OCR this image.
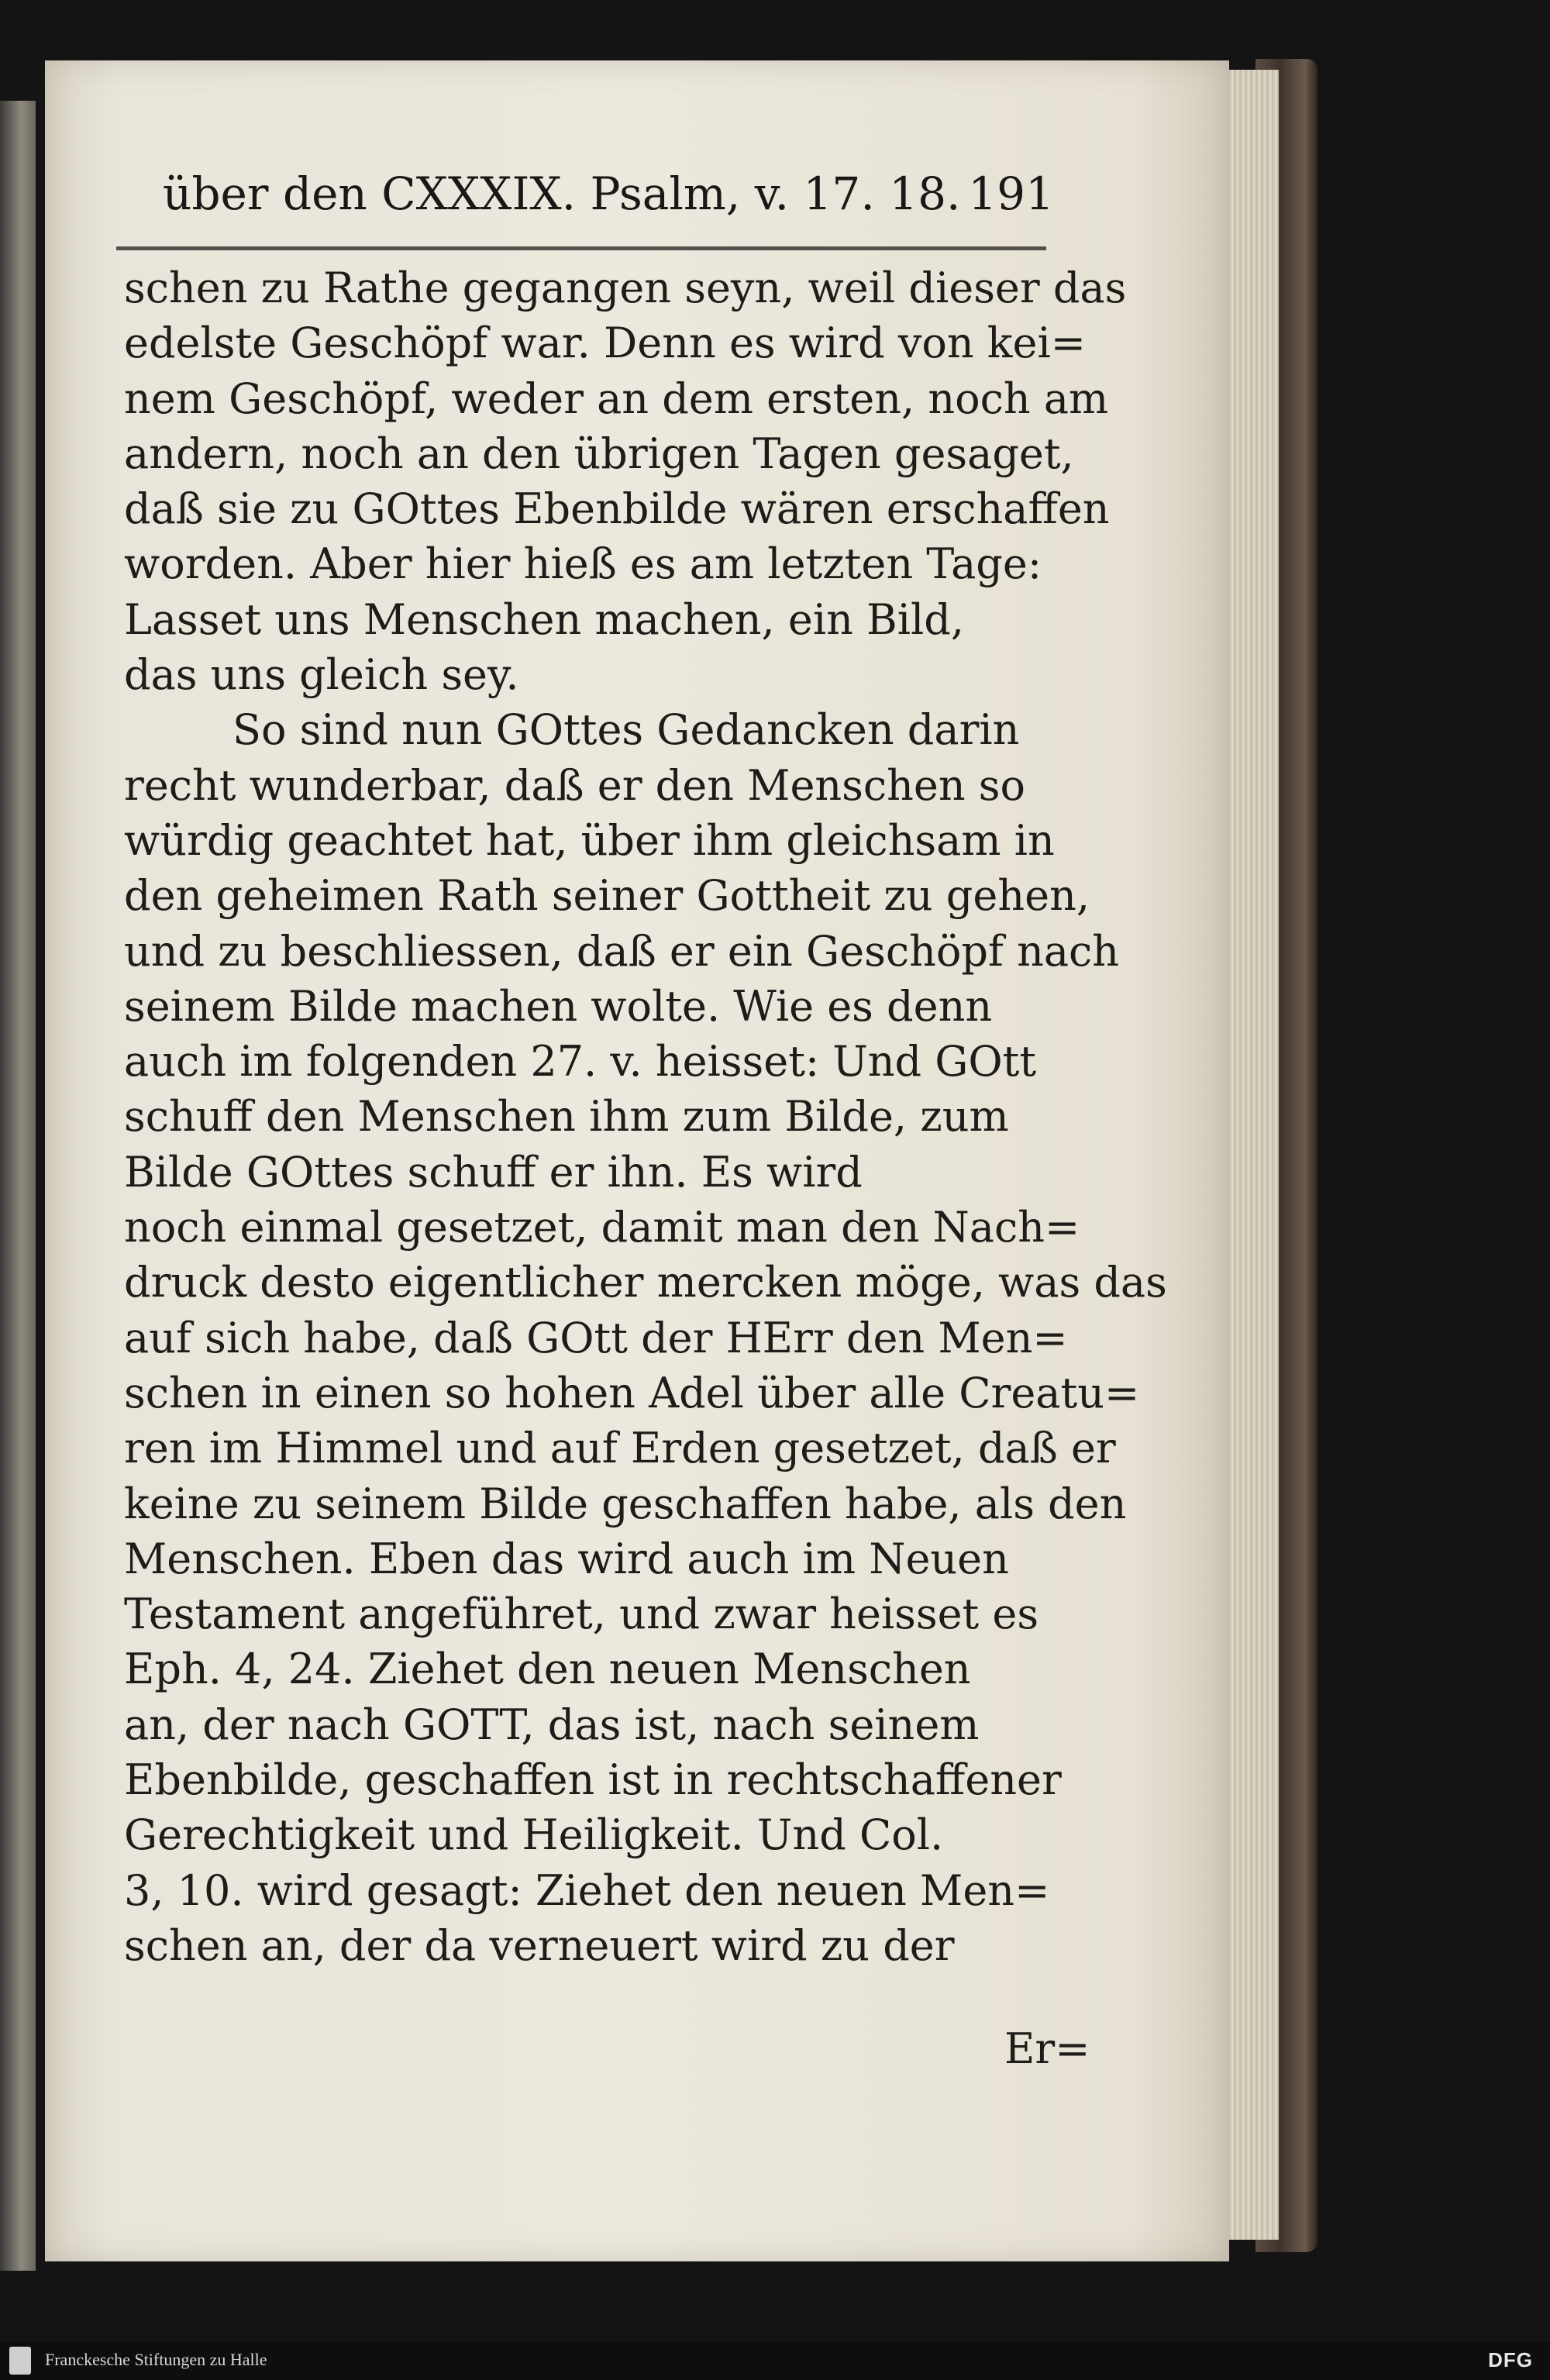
über den CXXXIX. Psalm, v. 17. 18. 191
schen zu Rathe gegangen seyn, weil dieser das
edelste Geschöpf war. Denn es wird von kei=
nem Geschöpf, weder an dem ersten, noch am
andern, noch an den übrigen Tagen gesaget,
daß sie zu GOttes Ebenbilde wären erschaffen
worden. Aber hier hieß es am letzten Tage:
Lasset uns Menschen machen, ein Bild,
das uns gleich sey.
So sind nun GOttes Gedancken darin
recht wunderbar, daß er den Menschen so
würdig geachtet hat, über ihm gleichsam in
den geheimen Rath seiner Gottheit zu gehen,
und zu beschliessen, daß er ein Geschöpf nach
seinem Bilde machen wolte. Wie es denn
auch im folgenden 27. v. heisset: Und GOtt
schuff den Menschen ihm zum Bilde, zum
Bilde GOttes schuff er ihn. Es wird
noch einmal gesetzet, damit man den Nach=
druck desto eigentlicher mercken möge, was das
auf sich habe, daß GOtt der HErr den Men=
schen in einen so hohen Adel über alle Creatu=
ren im Himmel und auf Erden gesetzet, daß er
keine zu seinem Bilde geschaffen habe, als den
Menschen. Eben das wird auch im Neuen
Testament angeführet, und zwar heisset es
Eph. 4, 24. Ziehet den neuen Menschen
an, der nach GOTT, das ist, nach seinem
Ebenbilde, geschaffen ist in rechtschaffener
Gerechtigkeit und Heiligkeit. Und Col.
3, 10. wird gesagt: Ziehet den neuen Men=
schen an, der da verneuert wird zu der
Er=
Franckesche Stiftungen zu Halle	DFG
